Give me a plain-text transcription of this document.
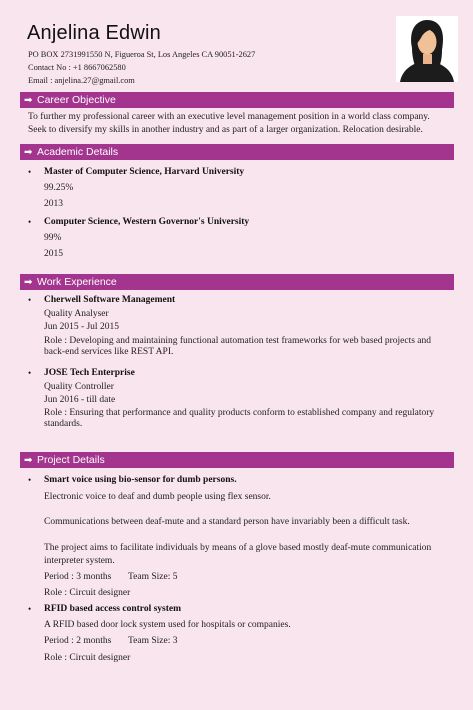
Anjelina Edwin
PO BOX 2731991550 N, Figueroa St, Los Angeles CA 90051-2627
Contact No : +1 8667062580
Email : anjelina.27@gmail.com
➡ Career Objective
To further my professional career with an executive level management position in a world class company.
Seek to diversify my skills in another industry and as part of a larger organization. Relocation desirable.
➡ Academic Details
• Master of Computer Science, Harvard University
99.25%
2013
• Computer Science, Western Governor's University
99%
2015
➡ Work Experience
• Cherwell Software Management
Quality Analyser
Jun 2015 - Jul 2015
Role : Developing and maintaining functional automation test frameworks for web based projects and
back-end services like REST API.
• JOSE Tech Enterprise
Quality Controller
Jun 2016 - till date
Role : Ensuring that performance and quality products conform to established company and regulatory
standards.
➡ Project Details
• Smart voice using bio-sensor for dumb persons.
Electronic voice to deaf and dumb people using flex sensor.
Communications between deaf-mute and a standard person have invariably been a difficult task.
The project aims to facilitate individuals by means of a glove based mostly deaf-mute communication
interpreter system.
Period : 3 months Team Size: 5
Role : Circuit designer
• RFID based access control system
A RFID based door lock system used for hospitals or companies.
Period : 2 months Team Size: 3
Role : Circuit designer
